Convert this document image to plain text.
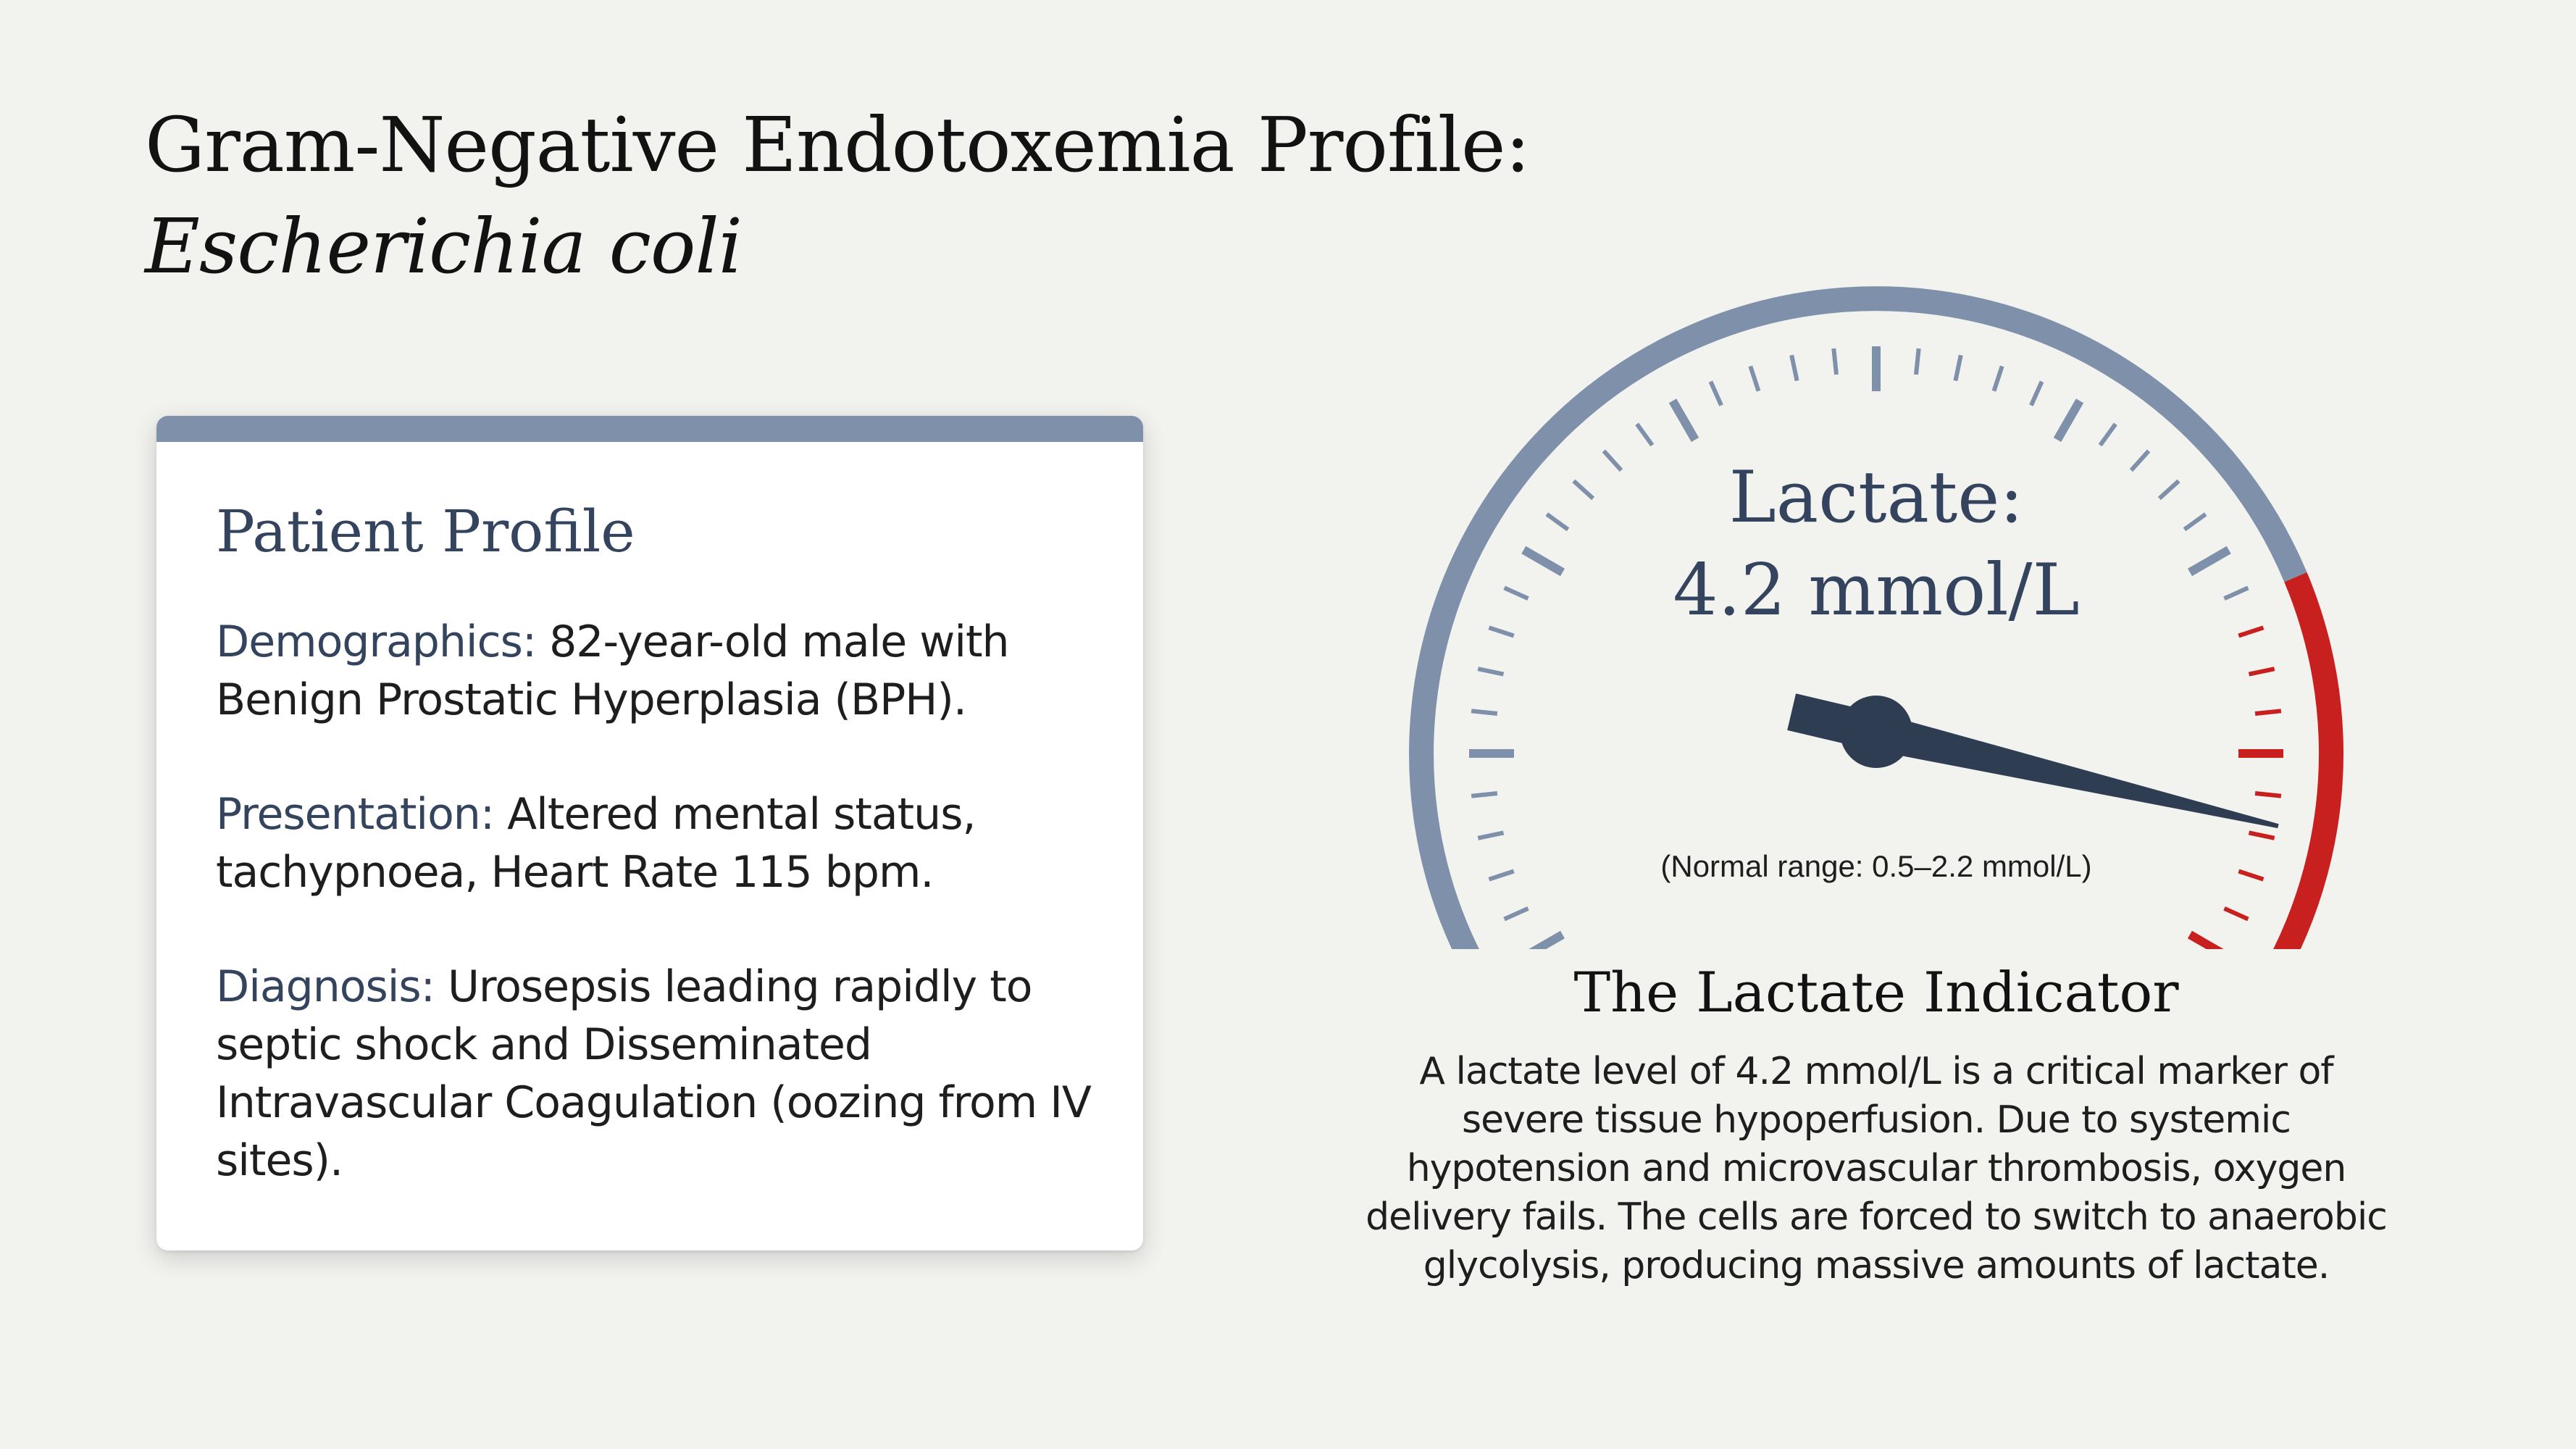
Gram-Negative Endotoxemia Profile:
Escherichia coli
Patient Profile

Demographics: 82-year-old male with Benign Prostatic Hyperplasia (BPH).

Presentation: Altered mental status, tachypnoea, Heart Rate 115 bpm.

Diagnosis: Urosepsis leading rapidly to septic shock and Disseminated Intravascular Coagulation (oozing from IV sites).

Lactate:
4.2 mmol/L
(Normal range: 0.5–2.2 mmol/L)
The Lactate Indicator

A lactate level of 4.2 mmol/L is a critical marker of severe tissue hypoperfusion. Due to systemic hypotension and microvascular thrombosis, oxygen delivery fails. The cells are forced to switch to anaerobic glycolysis, producing massive amounts of lactate.
